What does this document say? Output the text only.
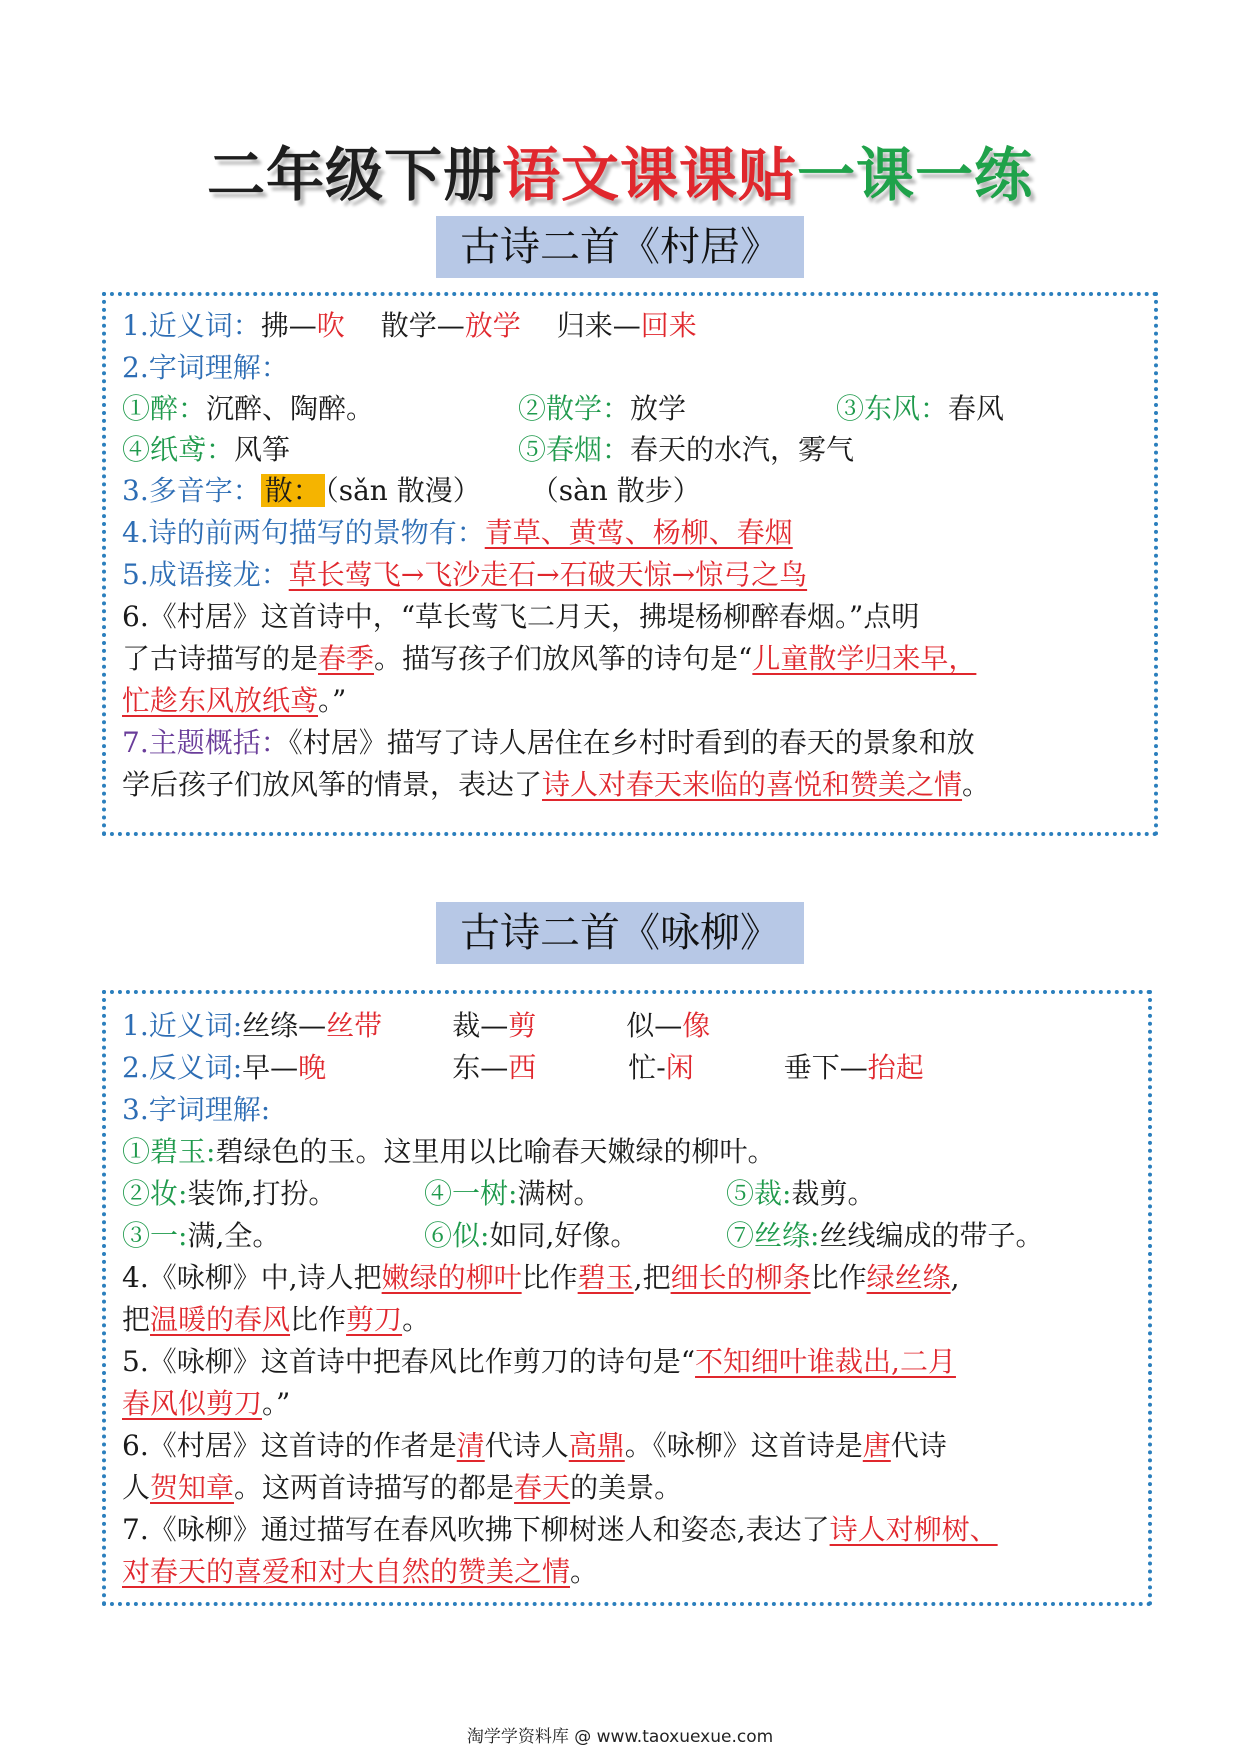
二年级下册语文课课贴一课一练
古诗二首《村居》
1.近义词：拂—吹 散学—放学 归来—回来
2.字词理解：
①醉：沉醉、陶醉。	②散学：放学	③东风：春风
④纸鸢：风筝	⑤春烟：春天的水汽，雾气
3.多音字： 散： （sǎn 散漫） （sàn 散步）
4.诗的前两句描写的景物有：青草、黄莺、杨柳、春烟
5.成语接龙：草长莺飞→飞沙走石→石破天惊→惊弓之鸟
6.《村居》这首诗中，“草长莺飞二月天，拂堤杨柳醉春烟。”点明
了古诗描写的是春季。描写孩子们放风筝的诗句是“儿童散学归来早，
忙趁东风放纸鸢。”
7.主题概括：《村居》描写了诗人居住在乡村时看到的春天的景象和放
学后孩子们放风筝的情景，表达了诗人对春天来临的喜悦和赞美之情。
古诗二首《咏柳》
1.近义词:丝绦—丝带	裁—剪	似—像
2.反义词:早—晚	东—西	忙-闲	垂下—抬起
3.字词理解:
①碧玉:碧绿色的玉。这里用以比喻春天嫩绿的柳叶。
②妆:装饰,打扮。	④一树:满树。	⑤裁:裁剪。
③一:满,全。	⑥似:如同,好像。	⑦丝绦:丝线编成的带子。
4.《咏柳》中,诗人把嫩绿的柳叶比作碧玉,把细长的柳条比作绿丝绦,
把温暖的春风比作剪刀。
5.《咏柳》这首诗中把春风比作剪刀的诗句是“不知细叶谁裁出,二月
春风似剪刀。”
6.《村居》这首诗的作者是清代诗人高鼎。《咏柳》这首诗是唐代诗
人贺知章。这两首诗描写的都是春天的美景。
7.《咏柳》通过描写在春风吹拂下柳树迷人和姿态,表达了诗人对柳树、
对春天的喜爱和对大自然的赞美之情。
淘学学资料库 @ www.taoxuexue.com
